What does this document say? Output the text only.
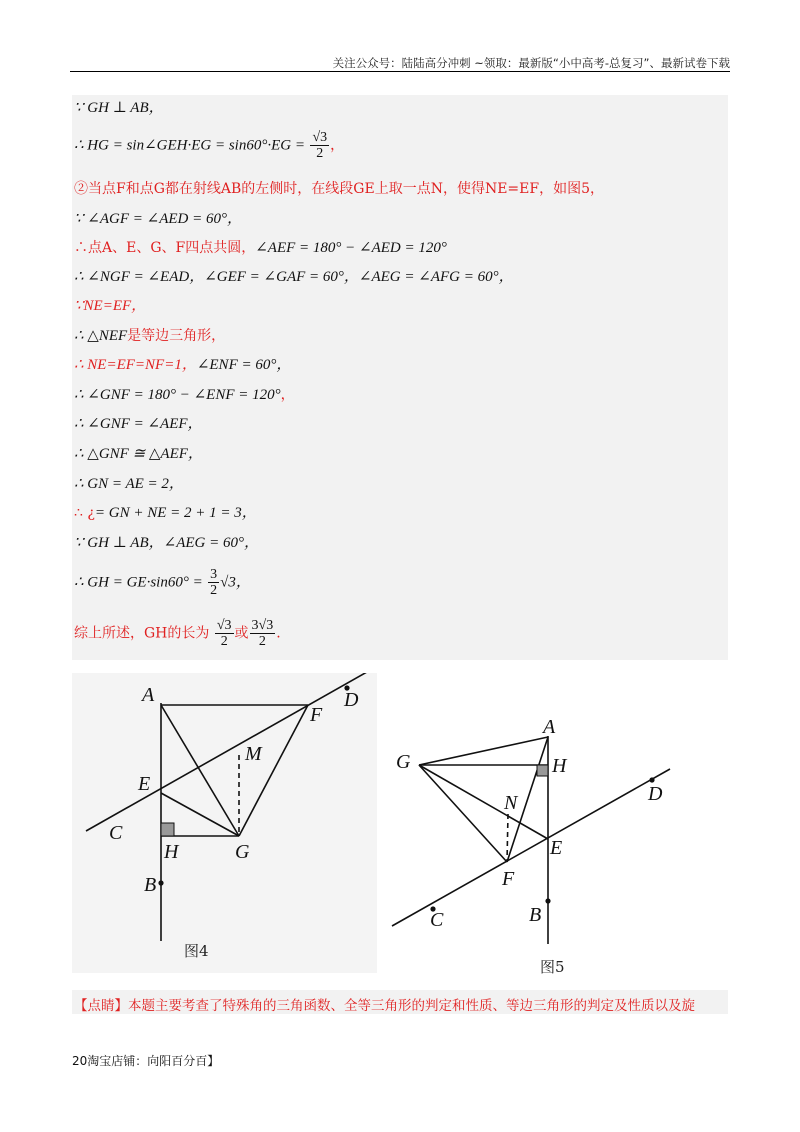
关注公众号：陆陆高分冲刺 ~领取：最新版“小中高考-总复习”、最新试卷下载
∵ GH ⊥ AB，
∴ HG = sin∠GEH·EG = $\sin 60^\circ\cdot EG = \frac{√3}{2}$ ，
②当点F和点G都在射线AB的左侧时，在线段GE上取一点N，使得NE=EF，如图5，
∵ ∠AGF = ∠AED = 60°，
∴点A、E、G、F四点共圆，∠AEF = 180° − ∠AED = 120°
∴ ∠NGF = ∠EAD，∠GEF = ∠GAF = 60°，∠AEG = ∠AFG = 60°，
∵NE=EF，
∴ △NEF是等边三角形，
∴ NE=EF=NF=1，∠ENF = 60°，
∴ ∠GNF = 180° − ∠ENF = 120°，
∴ ∠GNF = ∠AEF，
∴ △GNF ≅ △AEF，
∴ GN = AE = 2，
∴ ¿= GN + NE = 2 + 1 = 3，
∵ GH ⊥ AB，∠AEG = 60°，
∴ GH = $GE\cdot\sin 60^\circ = \frac{3}{2} √3$，
综上所述，GH的长为 $\frac{√3}{2}$ 或 $\frac{3√3}{2}$ .
A
B
C
D
E
F
G
H
M
图4
A
B
C
D
E
F
G	H
N
图5
【点睛】本题主要考查了特殊角的三角函数、全等三角形的判定和性质、等边三角形的判定及性质以及旋
20淘宝店铺：向阳百分百】
